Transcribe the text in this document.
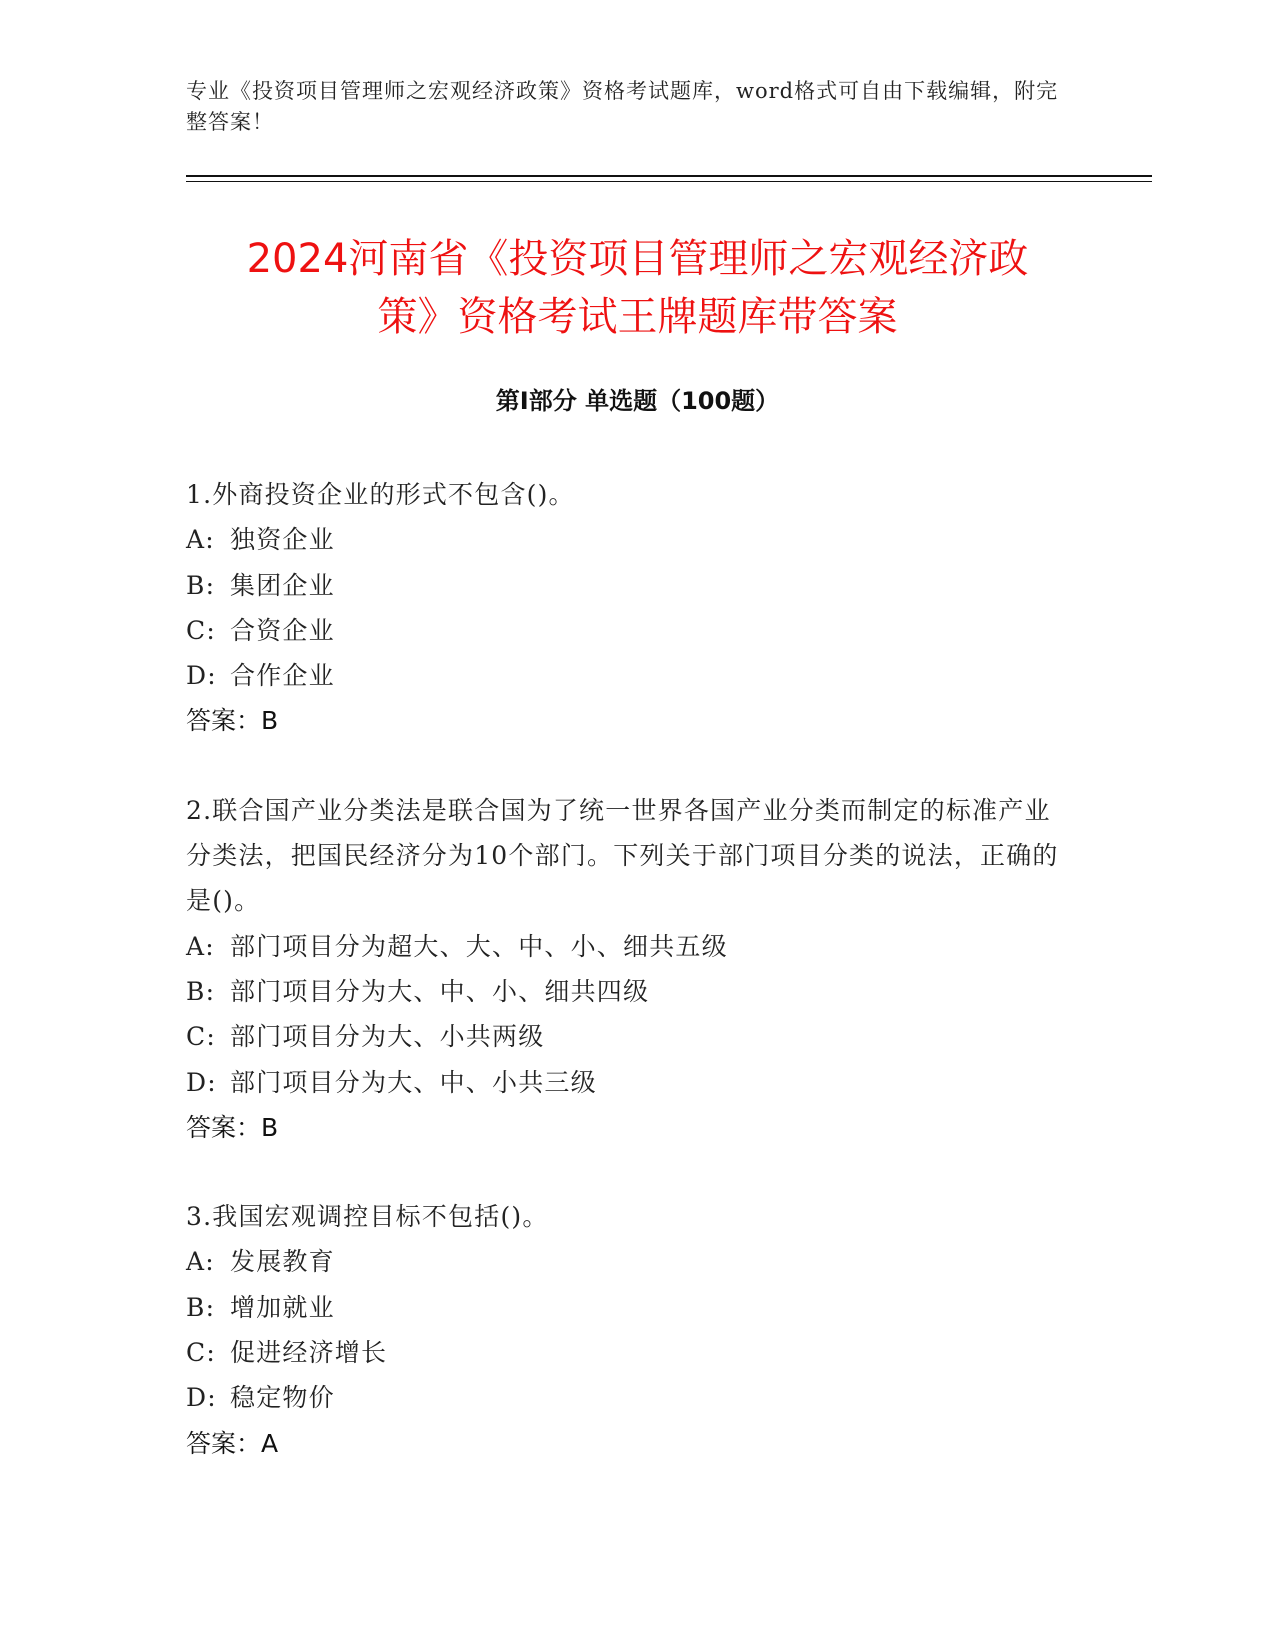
专业《投资项目管理师之宏观经济政策》资格考试题库，word格式可自由下载编辑，附完整答案！
2024河南省《投资项目管理师之宏观经济政
策》资格考试王牌题库带答案
第Ⅰ部分 单选题（100题）
1.外商投资企业的形式不包含()。
A: 独资企业
B: 集团企业
C: 合资企业
D: 合作企业
答案：B
2.联合国产业分类法是联合国为了统一世界各国产业分类而制定的标准产业分类法，把国民经济分为10个部门。下列关于部门项目分类的说法，正确的是()。
A: 部门项目分为超大、大、中、小、细共五级
B: 部门项目分为大、中、小、细共四级
C: 部门项目分为大、小共两级
D: 部门项目分为大、中、小共三级
答案：B
3.我国宏观调控目标不包括()。
A: 发展教育
B: 增加就业
C: 促进经济增长
D: 稳定物价
答案：A
